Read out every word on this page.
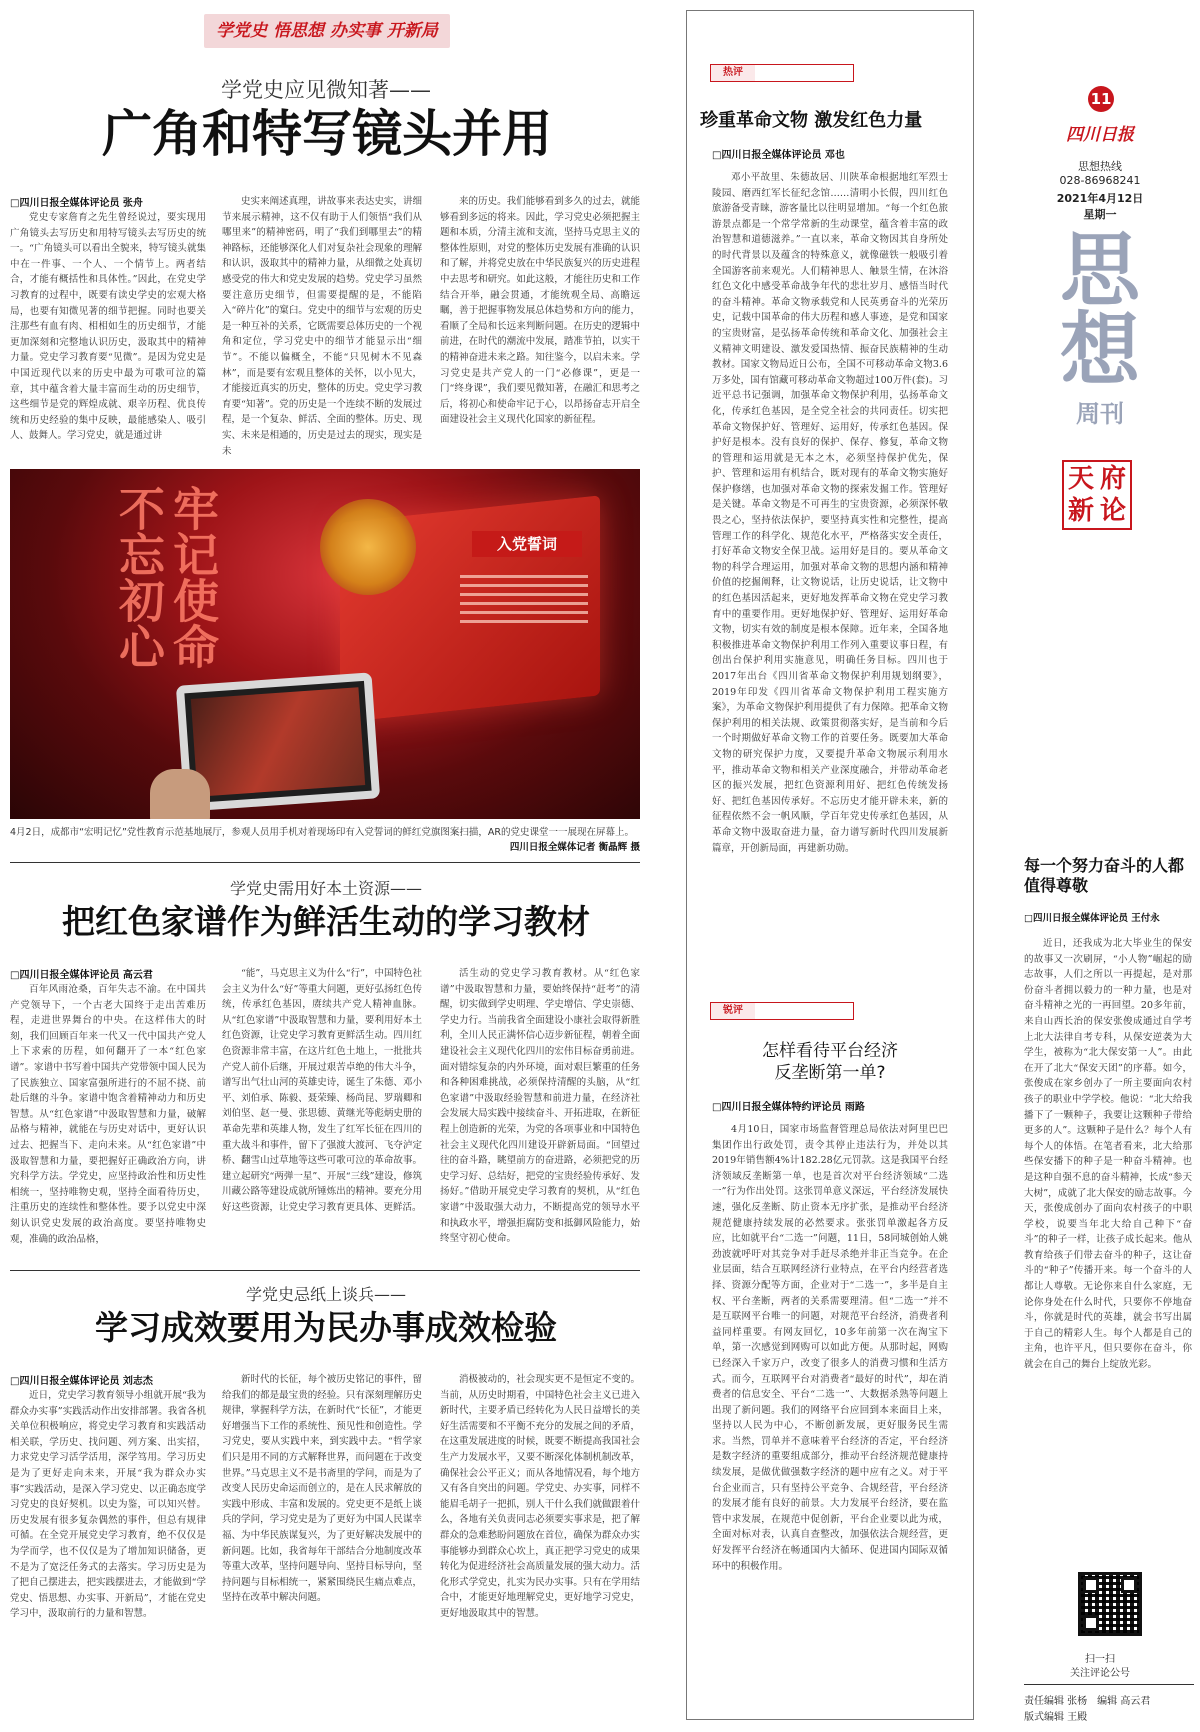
学党史 悟思想 办实事 开新局
学党史应见微知著——
广角和特写镜头并用
□四川日报全媒体评论员 张舟

党史专家詹育之先生曾经说过，要实现用广角镜头去写历史和用特写镜头去写历史的统一。“广角镜头可以看出全貌来，特写镜头就集中在一件事、一个人、一个情节上。两者结合，才能有概括性和具体性。”因此，在党史学习教育的过程中，既要有读史学史的宏观大格局，也要有知微见著的细节把握。同时也要关注那些有血有肉、相相如生的历史细节，才能更加深刻和完整地认识历史，汲取其中的精神力量。党史学习教育要“见微”。是因为党史是中国近现代以来的历史中最为可歌可泣的篇章，其中蕴含着大量丰富而生动的历史细节，这些细节是党的辉煌成就、艰辛历程、优良传统和历史经验的集中反映，最能感染人、吸引人、鼓舞人。学习党史，就是通过讲

史实来阐述真理，讲故事来表达史实，讲细节来展示精神，这不仅有助于人们领悟“我们从哪里来”的精神密码，明了“我们到哪里去”的精神路标，还能够深化人们对复杂社会现象的理解和认识，汲取其中的精神力量，从细微之处真切感受党的伟大和党史发展的趋势。党史学习虽然要注意历史细节，但需要提醒的是，不能陷入“碎片化”的窠臼。党史中的细节与宏观的历史是一种互补的关系，它既需要总体历史的一个视角和定位，学习党史中的细节才能显示出“细节”。不能以偏概全，不能“只见树木不见森林”，而是要有宏观且整体的关怀，以小见大，才能接近真实的历史，整体的历史。党史学习教育要“知著”。党的历史是一个连续不断的发展过程，是一个复杂、鲜活、全面的整体。历史、现实、未来是相通的，历史是过去的现实，现实是未

来的历史。我们能够看到多久的过去，就能够看到多远的将来。因此，学习党史必须把握主题和本质，分清主流和支流，坚持马克思主义的整体性原则，对党的整体历史发展有准确的认识和了解，并将党史放在中华民族复兴的历史进程中去思考和研究。如此这般，才能往历史和工作结合开举，融会贯通，才能统观全局、高瞻远瞩，善于把握事物发展总体趋势和方向的能力，看顺了全局和长远来判断问题。在历史的逻辑中前进，在时代的潮流中发展，踏准节拍，以实干的精神奋进未来之路。知往鉴今，以启未来。学习党史是共产党人的一门“必修课”，更是一门“终身课”，我们要见微知著，在融汇和思考之后，将初心和使命牢记于心，以昂扬奋志开启全面建设社会主义现代化国家的新征程。

不忘初心 牢记使命	入党誓词
4月2日，成都市“宏明记忆”党性教育示范基地展厅，参观人员用手机对着现场印有入党誓词的鲜红党旗图案扫描，AR的党史课堂一一展现在屏幕上。
四川日报全媒体记者 衡晶辉 摄
学党史需用好本土资源——
把红色家谱作为鲜活生动的学习教材
□四川日报全媒体评论员 高云君

百年风雨沧桑，百年失志不渝。在中国共产党领导下，一个古老大国终于走出苦难历程，走进世界舞台的中央。在这样伟大的时刻，我们回顾百年来一代又一代中国共产党人上下求索的历程，如何翻开了一本“红色家谱”。家谱中书写着中国共产党带领中国人民为了民族独立、国家富强所进行的不屈不挠、前赴后继的斗争。家谱中饱含着精神动力和历史智慧。从“红色家谱”中汲取智慧和力量，破解品格与精神，就能在与历史对话中，更好认识过去、把握当下、走向未来。从“红色家谱”中汲取智慧和力量，要把握好正确政治方向，讲究科学方法。学党史，应坚持政治性和历史性相统一，坚持唯物史观，坚持全面看待历史，注重历史的连续性和整体性。要予以党史中深刻认识党史发展的政治高度。要坚持唯物史观，准确的政治品格，

“能”，马克思主义为什么“行”，中国特色社会主义为什么“好”等重大问题，更好弘扬红色传统，传承红色基因，赓续共产党人精神血脉。从“红色家谱”中汲取智慧和力量，要利用好本土红色资源，让党史学习教育更鲜活生动。四川红色资源非常丰富，在这片红色土地上，一批批共产党人前仆后继，开展过艰苦卓绝的伟大斗争，谱写出气壮山河的英雄史诗，诞生了朱德、邓小平、刘伯承、陈毅、聂荣臻、杨尚昆、罗瑞卿和刘伯坚、赵一曼、张思德、黄继光等彪炳史册的革命先辈和英雄人物，发生了红军长征在四川的重大战斗和事件，留下了强渡大渡河、飞夺泸定桥、翻雪山过草地等这些可歌可泣的革命故事。建立起研究“两弹一星”、开展“三线”建设，修筑川藏公路等建设成就所锤炼出的精神。要充分用好这些资源，让党史学习教育更具体、更鲜活。

活生动的党史学习教育教材。从“红色家谱”中汲取智慧和力量，要始终保持“赶考”的清醒，切实做到学史明理、学史增信、学史崇德、学史力行。当前我省全面建设小康社会取得新胜利，全川人民正满怀信心迈步新征程，朝着全面建设社会主义现代化四川的宏伟目标奋勇前进。面对错综复杂的内外环境，面对艰巨繁重的任务和各种困难挑战，必须保持清醒的头脑，从“红色家谱”中汲取经验智慧和前进力量，在经济社会发展大局实践中接续奋斗、开拓进取，在新征程上创造新的光荣，为党的各项事业和中国特色社会主义现代化四川建设开辟新局面。“回望过往的奋斗路，眺望前方的奋进路，必须把党的历史学习好、总结好，把党的宝贵经验传承好、发扬好。”借助开展党史学习教育的契机，从“红色家谱”中汲取强大动力，不断提高党的领导水平和执政水平，增强拒腐防变和抵御风险能力，始终坚守初心使命。

学党史忌纸上谈兵——
学习成效要用为民办事成效检验
□四川日报全媒体评论员 刘志杰

近日，党史学习教育领导小组就开展“我为群众办实事”实践活动作出安排部署。我省各机关单位积极响应，将党史学习教育和实践活动相关联，学历史、找问题、列方案、出实招，力求党史学习活学活用，深学笃用。学习历史是为了更好走向未来，开展“我为群众办实事”实践活动，是深入学习党史、以正确态度学习党史的良好契机。以史为鉴，可以知兴替。历史发展有很多复杂偶然的事件，但总有规律可循。在全党开展党史学习教育，绝不仅仅是为学而学，也不仅仅是为了增加知识储备，更不是为了宽泛任务式的去落实。学习历史是为了把自己摆进去，把实践摆进去，才能做到“学党史、悟思想、办实事、开新局”，才能在党史学习中，汲取前行的力量和智慧。

新时代的长征，每个被历史铭记的事件，留给我们的都是最宝贵的经验。只有深刻理解历史规律，掌握科学方法，在新时代“长征”，才能更好增强当下工作的系统性、预见性和创造性。学习党史，要从实践中来，到实践中去。“哲学家们只是用不同的方式解释世界，而问题在于改变世界。”马克思主义不是书斋里的学问，而是为了改变人民历史命运而创立的，是在人民求解放的实践中形成、丰富和发展的。党史更不是纸上谈兵的学问，学习党史是为了更好为中国人民谋幸福、为中华民族谋复兴，为了更好解决发展中的新问题。比如，我省每年干部结合分地制度改革等重大改革，坚持问题导向、坚持目标导向，坚持问题与目标相统一，紧紧围绕民生痛点难点，坚持在改革中解决问题。

消极被动的，社会现实更不是恒定不变的。当前，从历史时期看，中国特色社会主义已进入新时代，主要矛盾已经转化为人民日益增长的美好生活需要和不平衡不充分的发展之间的矛盾，在这重发展进度的时候，既要不断提高我国社会生产力发展水平，又要不断深化体制机制改革，确保社会公平正义；而从各地情况看，每个地方又有各自突出的问题。学党史、办实事，同样不能眉毛胡子一把抓，别人干什么我们就做跟着什么，各地有关负责同志必须要实事求是，把了解群众的急难愁盼问题放在首位，确保为群众办实事能够办到群众心坎上，真正把学习党史的成果转化为促进经济社会高质量发展的强大动力。活化形式学党史，扎实为民办实事。只有在学用结合中，才能更好地理解党史，更好地学习党史，更好地汲取其中的智慧。

热评
珍重革命文物 激发红色力量
□四川日报全媒体评论员 邓也

邓小平故里、朱德故居、川陕革命根据地红军烈士陵园、磨西红军长征纪念馆……清明小长假，四川红色旅游备受青睐，游客量比以往明显增加。“每一个红色旅游景点都是一个常学常新的生动课堂，蕴含着丰富的政治智慧和道德滋养。”一直以来，革命文物因其自身所处的时代背景以及蕴含的特殊意义，就像磁铁一般吸引着全国游客前来观光。人们精神思人、触景生情，在沐浴红色文化中感受革命战争年代的悲壮岁月、感悟当时代的奋斗精神。革命文物承载党和人民英勇奋斗的光荣历史，记载中国革命的伟大历程和感人事迹，是党和国家的宝贵财富，是弘扬革命传统和革命文化、加强社会主义精神文明建设、激发爱国热情、振奋民族精神的生动教材。国家文物局近日公布，全国不可移动革命文物3.6万多处，国有馆藏可移动革命文物超过100万件(套)。习近平总书记强调，加强革命文物保护利用，弘扬革命文化，传承红色基因，是全党全社会的共同责任。切实把革命文物保护好、管理好、运用好，传承红色基因。保护好是根本。没有良好的保护、保存、修复，革命文物的管理和运用就是无本之木，必须坚持保护优先，保护、管理和运用有机结合，既对现有的革命文物实施好保护修缮，也加强对革命文物的探索发掘工作。管理好是关键。革命文物是不可再生的宝贵资源，必须深怀敬畏之心，坚持依法保护，要坚持真实性和完整性，提高管理工作的科学化、规范化水平，严格落实安全责任，打好革命文物安全保卫战。运用好是目的。要从革命文物的科学合理运用，加强对革命文物的思想内涵和精神价值的挖掘阐释，让文物说话，让历史说话，让文物中的红色基因活起来，更好地发挥革命文物在党史学习教育中的重要作用。更好地保护好、管理好、运用好革命文物，切实有效的制度是根本保障。近年来，全国各地积极推进革命文物保护利用工作列入重要议事日程，有创出台保护利用实施意见，明确任务目标。四川也于2017年出台《四川省革命文物保护利用规划纲要》，2019年印发《四川省革命文物保护利用工程实施方案》，为革命文物保护利用提供了有力保障。把革命文物保护利用的相关法规、政策贯彻落实好，是当前和今后一个时期做好革命文物工作的首要任务。既要加大革命文物的研究保护力度，又要提升革命文物展示利用水平，推动革命文物和相关产业深度融合，并带动革命老区的振兴发展，把红色资源利用好、把红色传统发扬好、把红色基因传承好。不忘历史才能开辟未来，新的征程依然不会一帆风顺，学百年党史传承红色基因，从革命文物中汲取奋进力量，奋力谱写新时代四川发展新篇章，开创新局面，再建新功勋。

锐评
怎样看待平台经济
反垄断第一单?
□四川日报全媒体特约评论员 雨路

4月10日，国家市场监督管理总局依法对阿里巴巴集团作出行政处罚，责令其停止违法行为，并处以其2019年销售额4%计182.28亿元罚款。这是我国平台经济领域反垄断第一单，也是首次对平台经济领域“二选一”行为作出处罚。这张罚单意义深远，平台经济发展快速，强化反垄断、防止资本无序扩张，是推动平台经济规范健康持续发展的必然要求。张张罚单激起各方反应，比如就平台“二选一”问题，11日，58同城创始人姚劲波就呼吁对其竞争对手赶尽杀绝并非正当竞争。在企业层面，结合互联网经济行业特点，在平台内经营者选择、资源分配等方面，企业对于“二选一”，多半是自主权、平台垄断，两者的关系需要理清。但“二选一”并不是互联网平台唯一的问题，对规范平台经济，消费者利益同样重要。有网友回忆，10多年前第一次在淘宝下单，第一次感觉到网购可以如此方便。从那时起，网购已经深入千家万户，改变了很多人的消费习惯和生活方式。而今，互联网平台对消费者“最好的时代”，却在消费者的信息安全、平台“二选一”、大数据杀熟等问题上出现了新问题。我们的网络平台应回到本来面目上来，坚持以人民为中心，不断创新发展，更好服务民生需求。当然，罚单并不意味着平台经济的否定，平台经济是数字经济的重要组成部分，推动平台经济规范健康持续发展，是做优做强数字经济的题中应有之义。对于平台企业而言，只有坚持公平竞争、合规经营，平台经济的发展才能有良好的前景。大力发展平台经济，要在监管中求发展，在规范中促创新，平台企业要以此为戒，全面对标对表，认真自查整改，加强依法合规经营，更好发挥平台经济在畅通国内大循环、促进国内国际双循环中的积极作用。

11
四川日报
思想热线
028-86968241
2021年4月12日
星期一
思
想
周刊
天 府
新 论
每一个努力奋斗的人都值得尊敬
□四川日报全媒体评论员 王付永

近日，还我成为北大毕业生的保安的故事又一次刷屏，“小人物”崛起的励志故事，人们之所以一再提起，是对那份奋斗者拥以毅力的一种力量，也是对奋斗精神之光的一再回望。20多年前，来自山西长治的保安张俊成通过自学考上北大法律自考专科，从保安逆袭为大学生，被称为“北大保安第一人”。由此在开了北大“保安天团”的序幕。如今，张俊成在家乡创办了一所主要面向农村孩子的职业中学学校。他说：“北大给我播下了一颗种子，我要让这颗种子带给更多的人”。这颗种子是什么？每个人有每个人的体悟。在笔者看来，北大给那些保安播下的种子是一种奋斗精神。也是这种自强不息的奋斗精神，长成“参天大树”，成就了北大保安的励志故事。今天，张俊成创办了面向农村孩子的中职学校，说要当年北大给自己种下“奋斗”的种子一样，让孩子成长起来。他从教育给孩子们带去奋斗的种子，这让奋斗的“种子”传播开来。每一个奋斗的人都让人尊敬。无论你来自什么家庭，无论你身处在什么时代，只要你不停地奋斗，你就是时代的英雄，就会书写出属于自己的精彩人生。每个人都是自己的主角，也许平凡，但只要你在奋斗，你就会在自己的舞台上绽放光彩。

扫一扫
关注评论公号
责任编辑 张杨　编辑 高云君
版式编辑 王殿
